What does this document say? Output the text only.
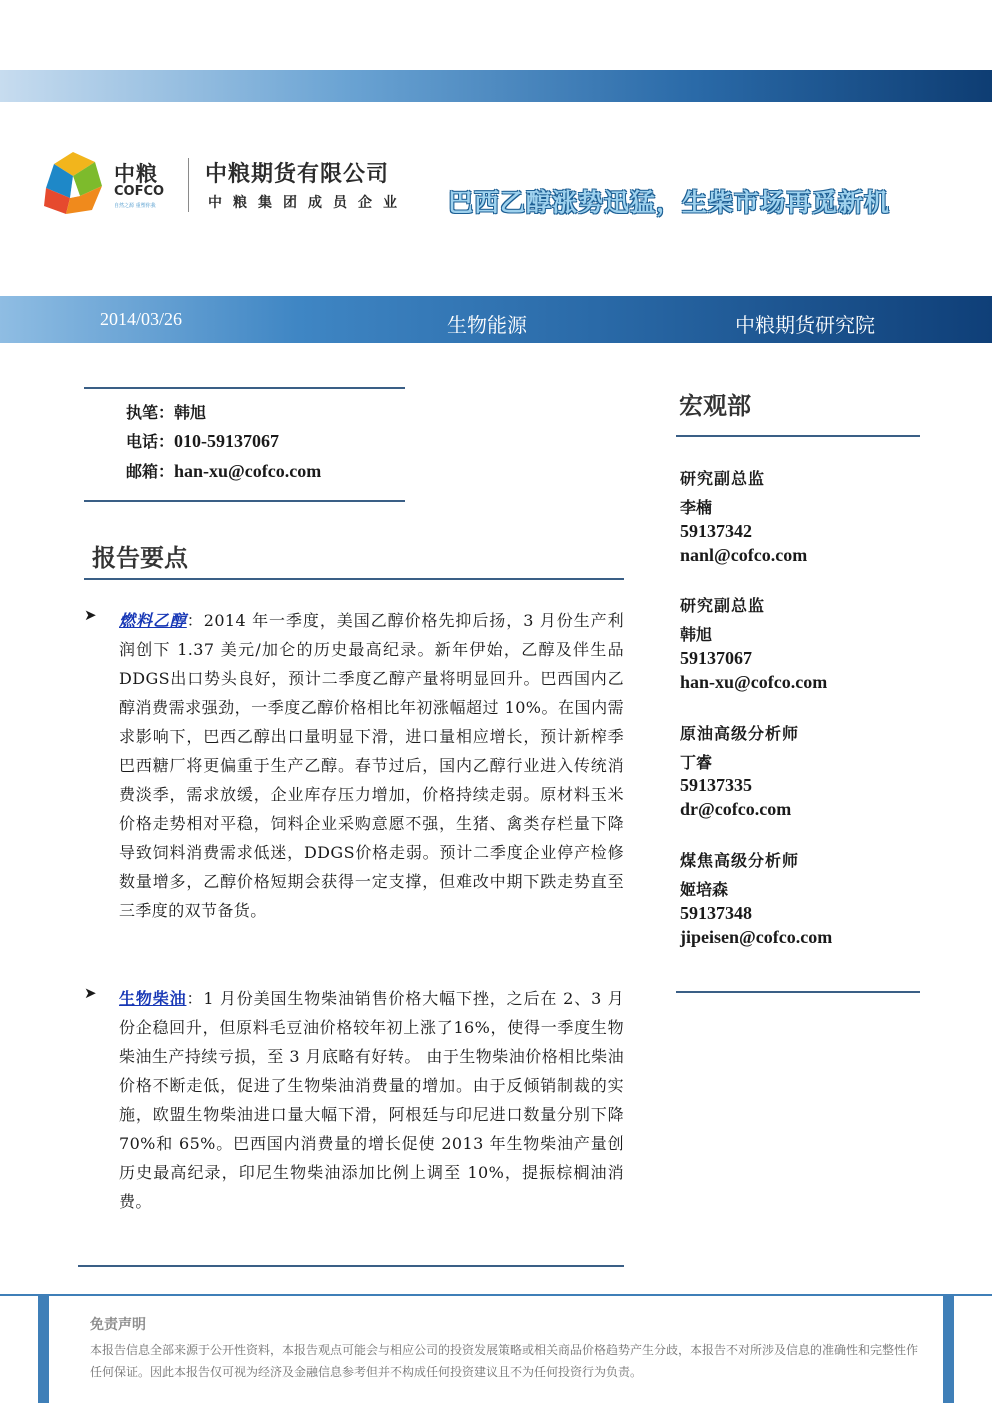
中粮
COFCO
自然之源 重塑你我
中粮期货有限公司
中粮集团成员企业 巴西乙醇涨势迅猛，生柴市场再觅新机
2014/03/26	生物能源	中粮期货研究院
执笔：韩旭
电话：010-59137067
邮箱：han-xu@cofco.com
报告要点
➤ 燃料乙醇：2014 年一季度，美国乙醇价格先抑后扬，3 月份生产利润创下 1.37 美元/加仑的历史最高纪录。新年伊始，乙醇及伴生品DDGS出口势头良好，预计二季度乙醇产量将明显回升。巴西国内乙醇消费需求强劲，一季度乙醇价格相比年初涨幅超过 10%。在国内需求影响下，巴西乙醇出口量明显下滑，进口量相应增长，预计新榨季巴西糖厂将更偏重于生产乙醇。春节过后，国内乙醇行业进入传统消费淡季，需求放缓，企业库存压力增加，价格持续走弱。原材料玉米价格走势相对平稳，饲料企业采购意愿不强，生猪、禽类存栏量下降导致饲料消费需求低迷，DDGS价格走弱。预计二季度企业停产检修数量增多，乙醇价格短期会获得一定支撑，但难改中期下跌走势直至三季度的双节备货。
➤ 生物柴油：1 月份美国生物柴油销售价格大幅下挫，之后在 2、3 月份企稳回升，但原料毛豆油价格较年初上涨了16%，使得一季度生物柴油生产持续亏损，至 3 月底略有好转。 由于生物柴油价格相比柴油价格不断走低，促进了生物柴油消费量的增加。由于反倾销制裁的实施，欧盟生物柴油进口量大幅下滑，阿根廷与印尼进口数量分别下降70%和 65%。巴西国内消费量的增长促使 2013 年生物柴油产量创历史最高纪录，印尼生物柴油添加比例上调至 10%，提振棕榈油消费。
宏观部
研究副总监
李楠
59137342
nanl@cofco.com
研究副总监
韩旭
59137067
han-xu@cofco.com
原油高级分析师
丁睿
59137335
dr@cofco.com
煤焦高级分析师
姬培森
59137348
jipeisen@cofco.com
免责声明
本报告信息全部来源于公开性资料，本报告观点可能会与相应公司的投资发展策略或相关商品价格趋势产生分歧，本报告不对所涉及信息的准确性和完整性作任何保证。因此本报告仅可视为经济及金融信息参考但并不构成任何投资建议且不为任何投资行为负责。
